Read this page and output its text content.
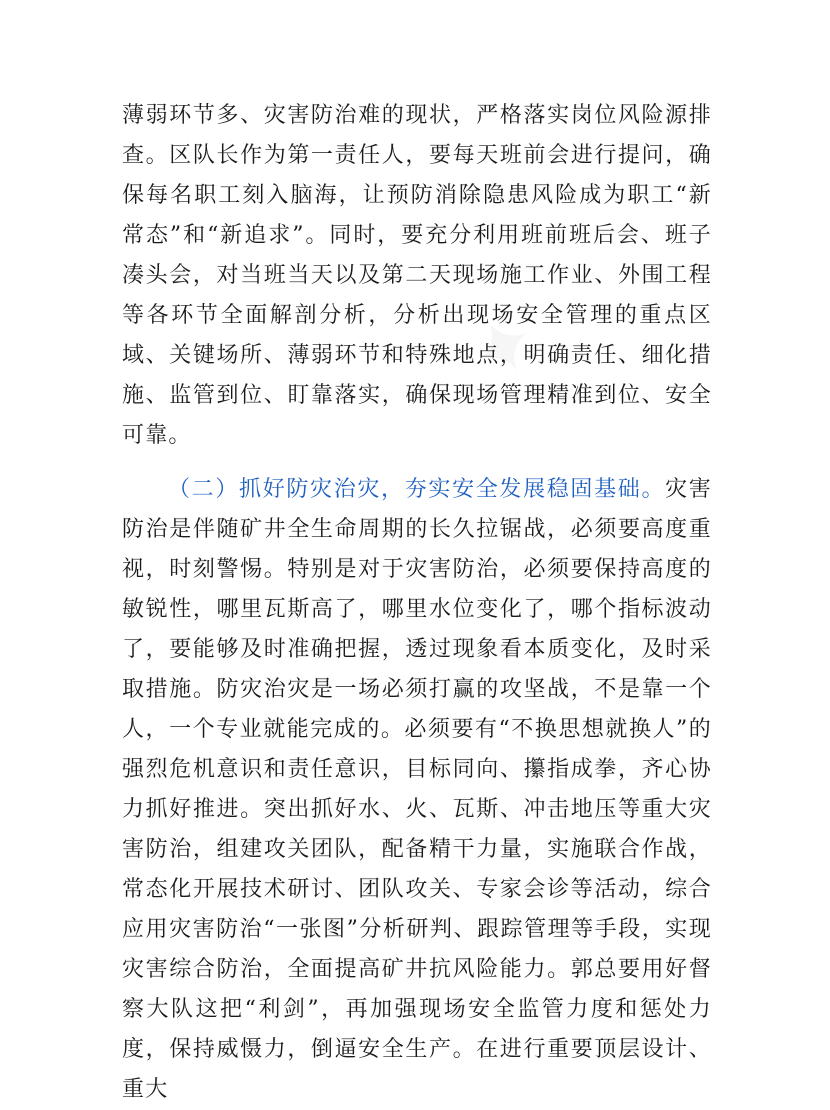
薄弱环节多、灾害防治难的现状，严格落实岗位风险源排查。区队长作为第一责任人，要每天班前会进行提问，确保每名职工刻入脑海，让预防消除隐患风险成为职工“新常态”和“新追求”。同时，要充分利用班前班后会、班子凑头会，对当班当天以及第二天现场施工作业、外围工程等各环节全面解剖分析，分析出现场安全管理的重点区域、关键场所、薄弱环节和特殊地点，明确责任、细化措施、监管到位、盯靠落实，确保现场管理精准到位、安全可靠。

（二）抓好防灾治灾，夯实安全发展稳固基础。灾害防治是伴随矿井全生命周期的长久拉锯战，必须要高度重视，时刻警惕。特别是对于灾害防治，必须要保持高度的敏锐性，哪里瓦斯高了，哪里水位变化了，哪个指标波动了，要能够及时准确把握，透过现象看本质变化，及时采取措施。防灾治灾是一场必须打赢的攻坚战，不是靠一个人，一个专业就能完成的。必须要有“不换思想就换人”的强烈危机意识和责任意识，目标同向、攥指成拳，齐心协力抓好推进。突出抓好水、火、瓦斯、冲击地压等重大灾害防治，组建攻关团队，配备精干力量，实施联合作战，常态化开展技术研讨、团队攻关、专家会诊等活动，综合应用灾害防治“一张图”分析研判、跟踪管理等手段，实现灾害综合防治，全面提高矿井抗风险能力。郭总要用好督察大队这把“利剑”，再加强现场安全监管力度和惩处力度，保持威慑力，倒逼安全生产。在进行重要顶层设计、重大
